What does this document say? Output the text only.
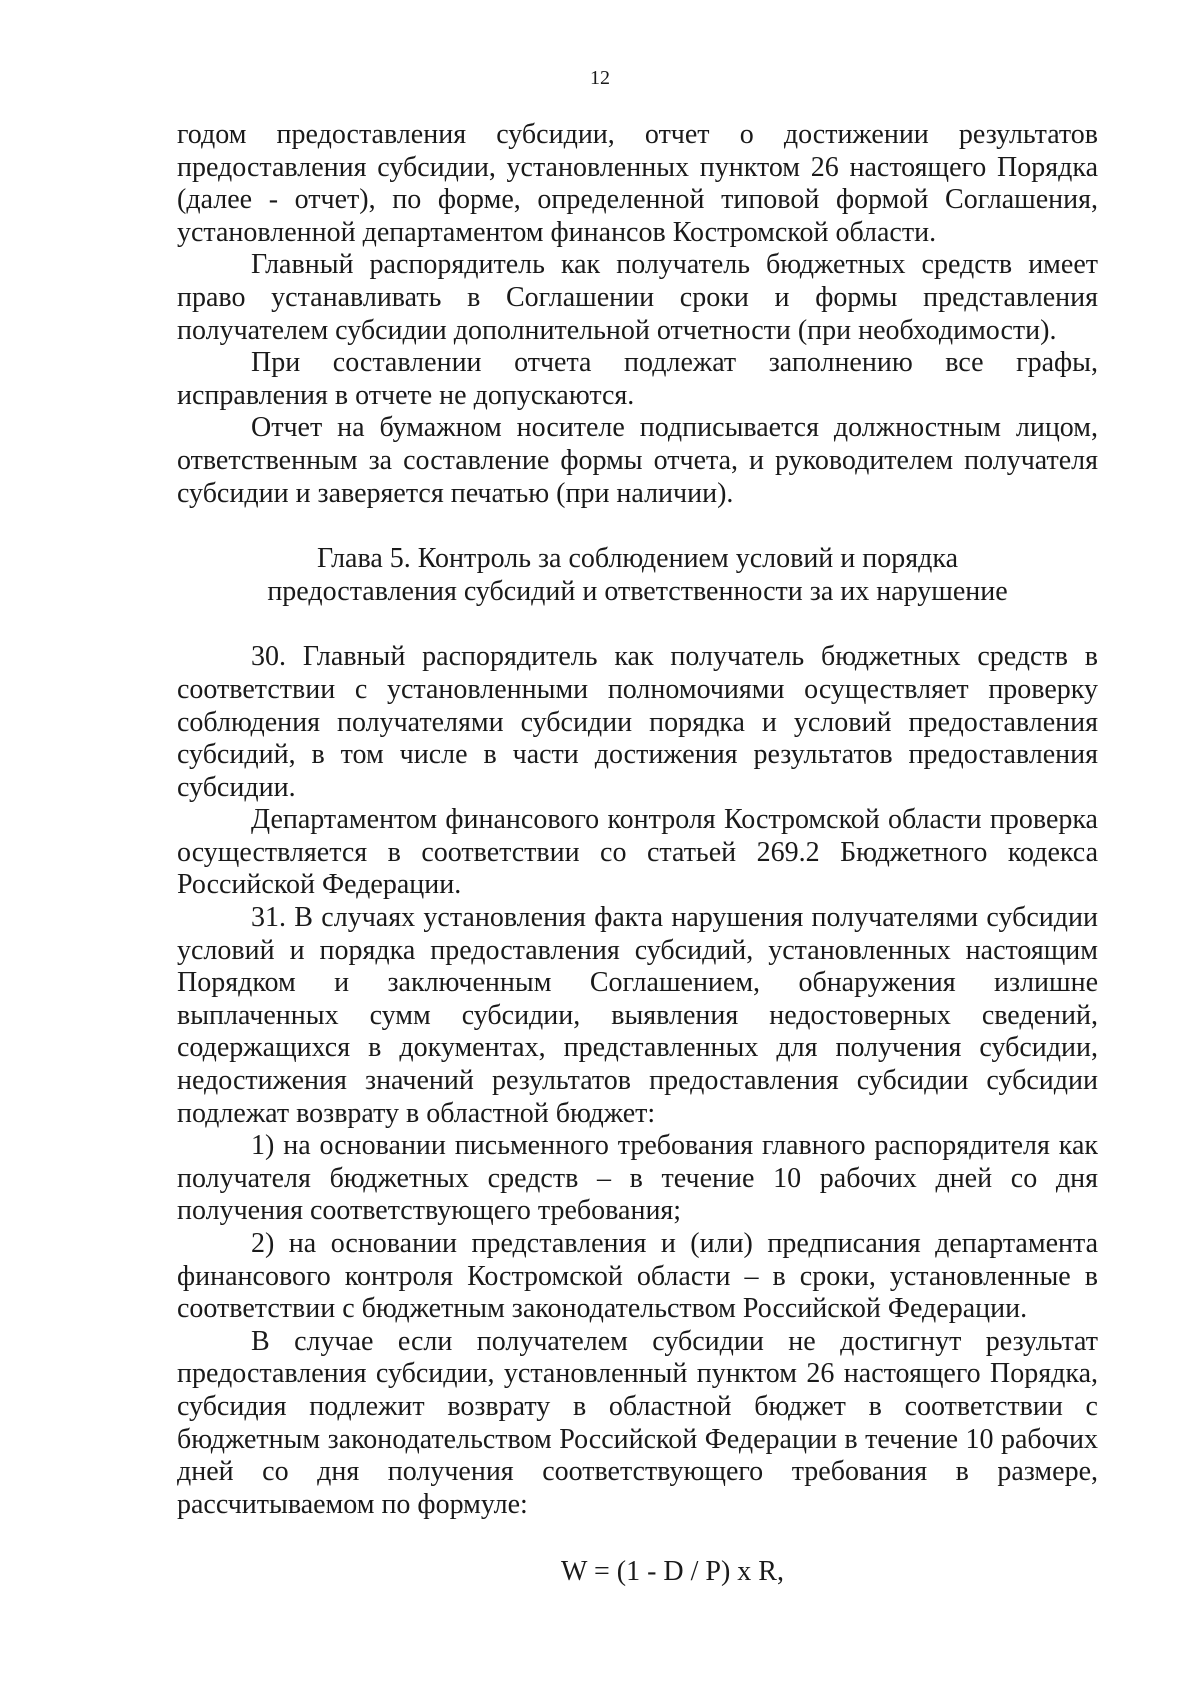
12

годом предоставления субсидии, отчет о достижении результатов предоставления субсидии, установленных пунктом 26 настоящего Порядка (далее - отчет), по форме, определенной типовой формой Соглашения, установленной департаментом финансов Костромской области.

Главный распорядитель как получатель бюджетных средств имеет право устанавливать в Соглашении сроки и формы представления получателем субсидии дополнительной отчетности (при необходимости).

При составлении отчета подлежат заполнению все графы, исправления в отчете не допускаются.

Отчет на бумажном носителе подписывается должностным лицом, ответственным за составление формы отчета, и руководителем получателя субсидии и заверяется печатью (при наличии).

Глава 5. Контроль за соблюдением условий и порядка
предоставления субсидий и ответственности за их нарушение

30. Главный распорядитель как получатель бюджетных средств в соответствии с установленными полномочиями осуществляет проверку соблюдения получателями субсидии порядка и условий предоставления субсидий, в том числе в части достижения результатов предоставления субсидии.

Департаментом финансового контроля Костромской области проверка осуществляется в соответствии со статьей 269.2 Бюджетного кодекса Российской Федерации.

31. В случаях установления факта нарушения получателями субсидии условий и порядка предоставления субсидий, установленных настоящим Порядком и заключенным Соглашением, обнаружения излишне выплаченных сумм субсидии, выявления недостоверных сведений, содержащихся в документах, представленных для получения субсидии, недостижения значений результатов предоставления субсидии субсидии подлежат возврату в областной бюджет:

1) на основании письменного требования главного распорядителя как получателя бюджетных средств – в течение 10 рабочих дней со дня получения соответствующего требования;

2) на основании представления и (или) предписания департамента финансового контроля Костромской области – в сроки, установленные в соответствии с бюджетным законодательством Российской Федерации.

В случае если получателем субсидии не достигнут результат предоставления субсидии, установленный пунктом 26 настоящего Порядка, субсидия подлежит возврату в областной бюджет в соответствии с бюджетным законодательством Российской Федерации в течение 10 рабочих дней со дня получения соответствующего требования в размере, рассчитываемом по формуле:

W = (1 - D / P) x R,
